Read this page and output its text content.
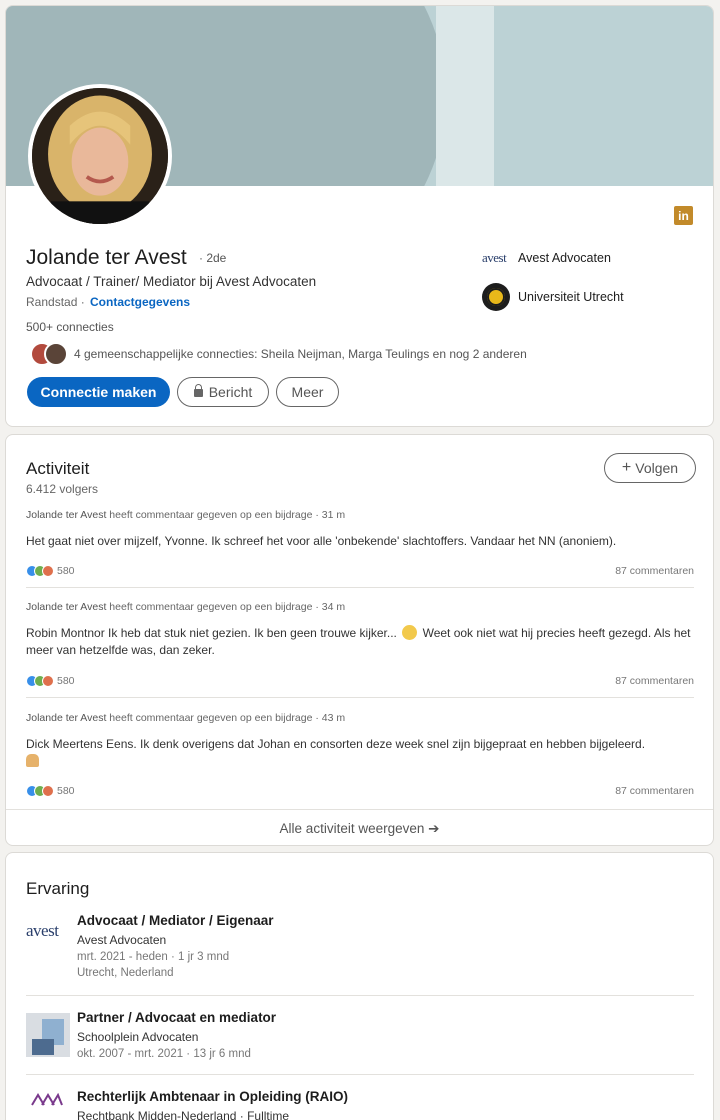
in
Jolande ter Avest · 2de
Advocaat / Trainer/ Mediator bij Avest Advocaten
Randstad · Contactgegevens
500+ connecties
4 gemeenschappelijke connecties: Sheila Neijman, Marga Teulings en nog 2 anderen
Connectie maken	Bericht	Meer
avest Avest Advocaten
Universiteit Utrecht
Activiteit
6.412 volgers
+ Volgen
Jolande ter Avest heeft commentaar gegeven op een bijdrage · 31 m
Het gaat niet over mijzelf, Yvonne. Ik schreef het voor alle 'onbekende' slachtoffers. Vandaar het NN (anoniem).
580	87 commentaren
Jolande ter Avest heeft commentaar gegeven op een bijdrage · 34 m
Robin Montnor Ik heb dat stuk niet gezien. Ik ben geen trouwe kijker... Weet ook niet wat hij precies heeft gezegd. Als het meer van hetzelfde was, dan zeker.
580	87 commentaren
Jolande ter Avest heeft commentaar gegeven op een bijdrage · 43 m
Dick Meertens Eens. Ik denk overigens dat Johan en consorten deze week snel zijn bijgepraat en hebben bijgeleerd.

580	87 commentaren
Alle activiteit weergeven ➔
Ervaring
avest
Advocaat / Mediator / Eigenaar
Avest Advocaten
mrt. 2021 - heden · 1 jr 3 mnd
Utrecht, Nederland
Partner / Advocaat en mediator
Schoolplein Advocaten
okt. 2007 - mrt. 2021 · 13 jr 6 mnd
Rechterlijk Ambtenaar in Opleiding (RAIO)
Rechtbank Midden-Nederland · Fulltime
